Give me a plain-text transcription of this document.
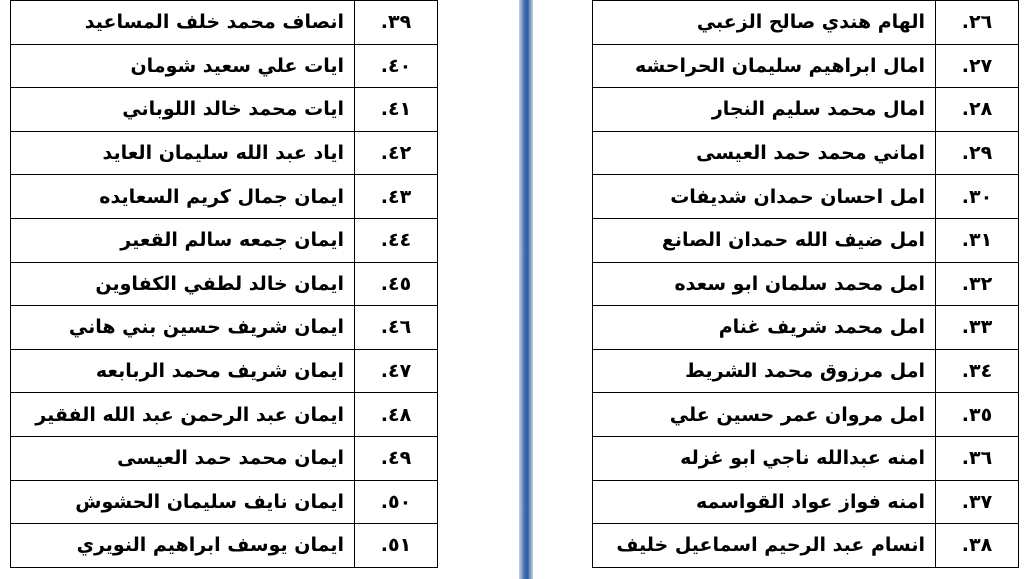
٣٩.	انصاف محمد خلف المساعيد
٤٠.	ايات علي سعيد شومان
٤١.	ايات محمد خالد اللوباني
٤٢.	اياد عبد الله سليمان العايد
٤٣.	ايمان جمال كريم السعايده
٤٤.	ايمان جمعه سالم القعير
٤٥.	ايمان خالد لطفي الكفاوين
٤٦.	ايمان شريف حسين بني هاني
٤٧.	ايمان شريف محمد الربابعه
٤٨.	ايمان عبد الرحمن عبد الله الفقير
٤٩.	ايمان محمد حمد العيسى
٥٠.	ايمان نايف سليمان الحشوش
٥١.	ايمان يوسف ابراهيم النويري
٢٦.	الهام هندي صالح الزعبي
٢٧.	امال ابراهيم سليمان الحراحشه
٢٨.	امال محمد سليم النجار
٢٩.	اماني محمد حمد العيسى
٣٠.	امل احسان حمدان شديفات
٣١.	امل ضيف الله حمدان الصانع
٣٢.	امل محمد سلمان ابو سعده
٣٣.	امل محمد شريف غنام
٣٤.	امل مرزوق محمد الشريط
٣٥.	امل مروان عمر حسين علي
٣٦.	امنه عبدالله ناجي ابو غزله
٣٧.	امنه فواز عواد القواسمه
٣٨.	انسام عبد الرحيم اسماعيل خليف
